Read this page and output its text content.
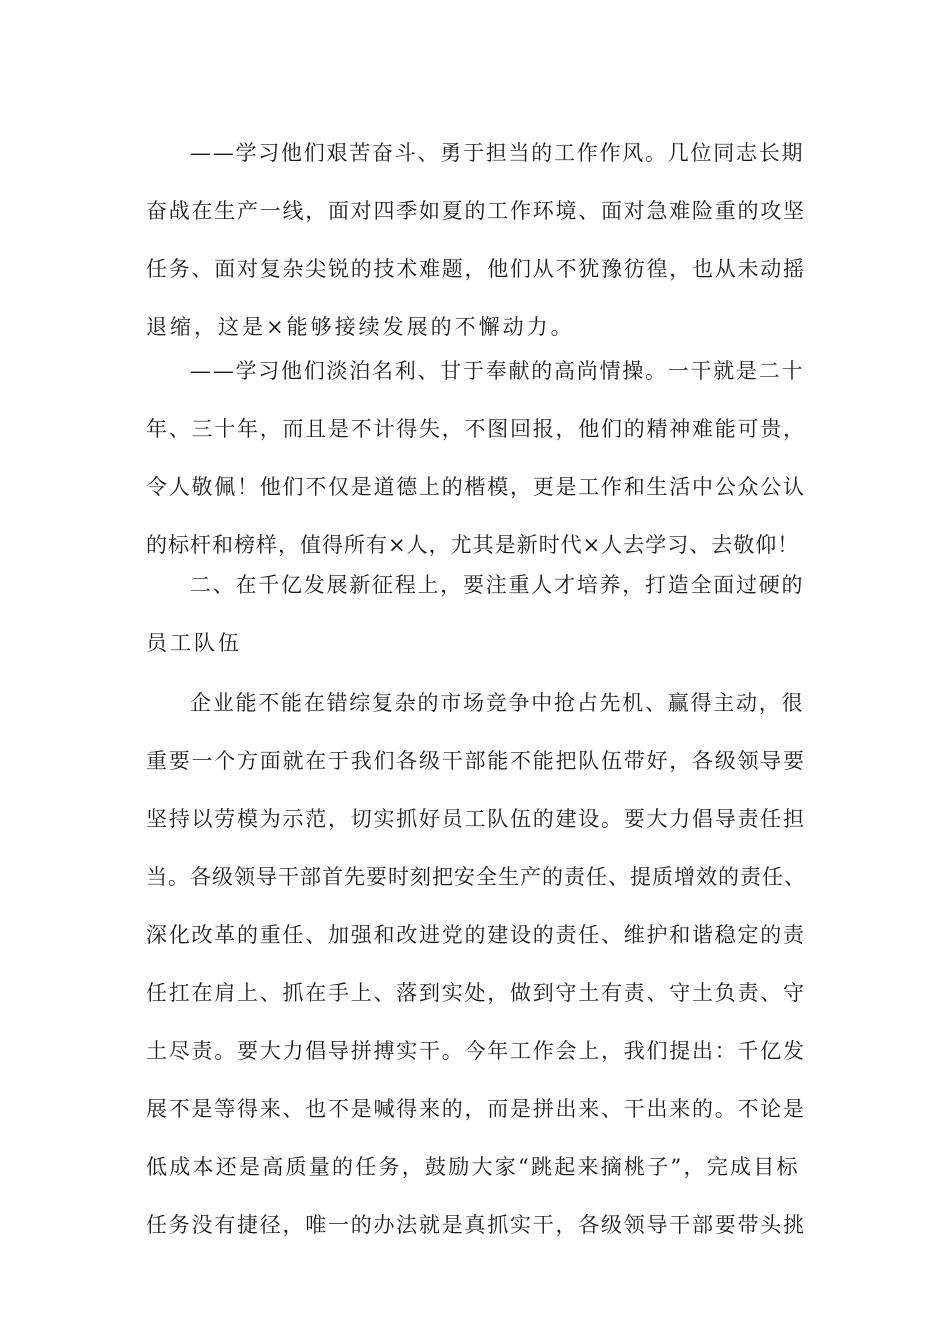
——学习他们艰苦奋斗、勇于担当的工作作风。几位同志长期
奋战在生产一线，面对四季如夏的工作环境、面对急难险重的攻坚
任务、面对复杂尖锐的技术难题，他们从不犹豫彷徨，也从未动摇
退缩，这是×能够接续发展的不懈动力。
——学习他们淡泊名利、甘于奉献的高尚情操。一干就是二十
年、三十年，而且是不计得失，不图回报，他们的精神难能可贵，
令人敬佩！他们不仅是道德上的楷模，更是工作和生活中公众公认
的标杆和榜样，值得所有×人，尤其是新时代×人去学习、去敬仰！
二、在千亿发展新征程上，要注重人才培养，打造全面过硬的
员工队伍
企业能不能在错综复杂的市场竞争中抢占先机、赢得主动，很
重要一个方面就在于我们各级干部能不能把队伍带好，各级领导要
坚持以劳模为示范，切实抓好员工队伍的建设。要大力倡导责任担
当。各级领导干部首先要时刻把安全生产的责任、提质增效的责任、
深化改革的重任、加强和改进党的建设的责任、维护和谐稳定的责
任扛在肩上、抓在手上、落到实处，做到守土有责、守土负责、守
土尽责。要大力倡导拼搏实干。今年工作会上，我们提出：千亿发
展不是等得来、也不是喊得来的，而是拼出来、干出来的。不论是
低成本还是高质量的任务，鼓励大家“跳起来摘桃子”，完成目标
任务没有捷径，唯一的办法就是真抓实干，各级领导干部要带头挑
